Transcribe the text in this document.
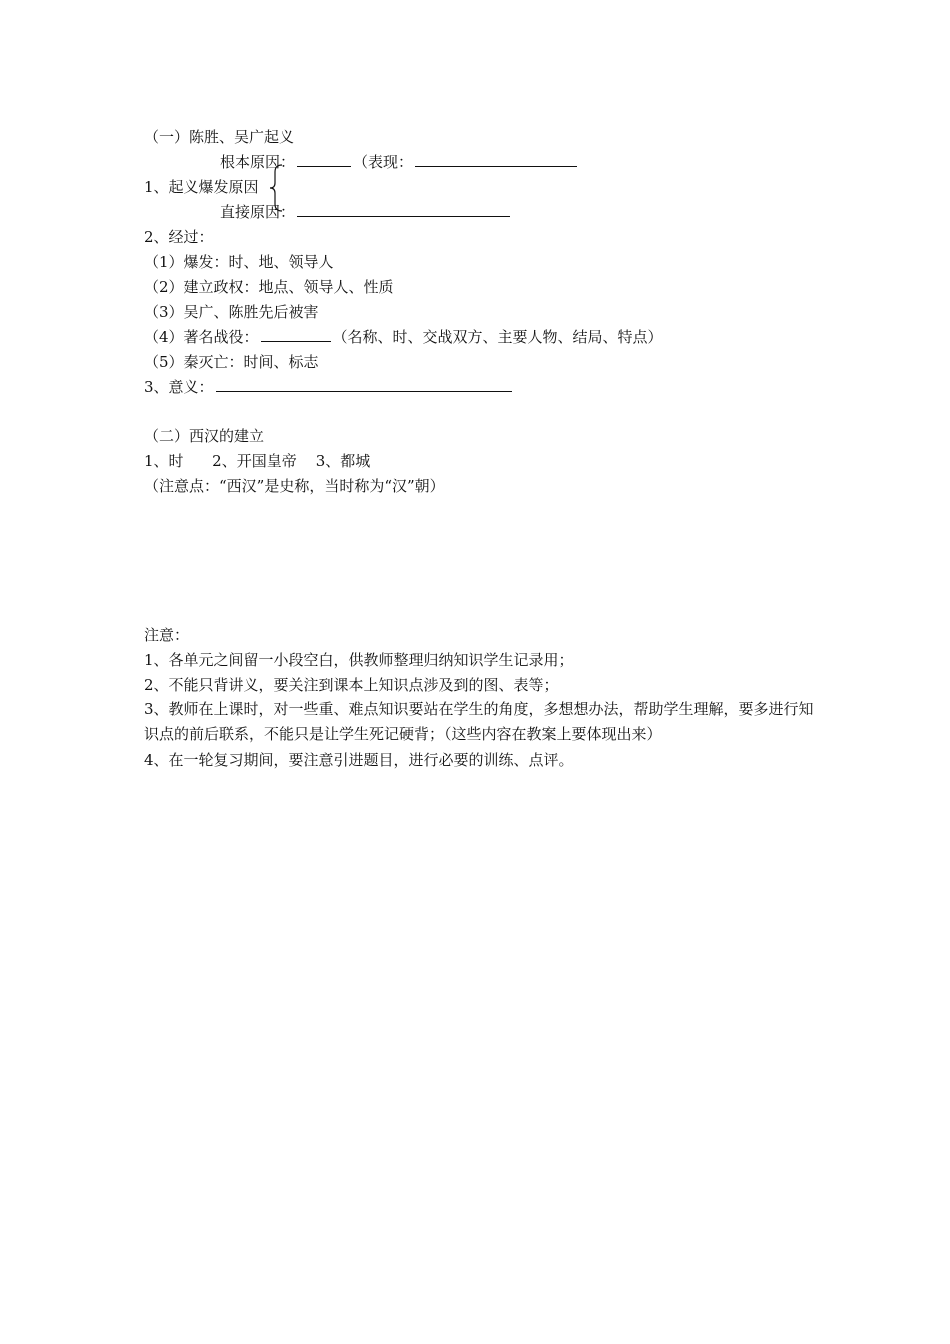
（一）陈胜、吴广起义
根本原因：	（表现：
1、起义爆发原因
直接原因：
2、经过：
（1）爆发：时、地、领导人
（2）建立政权：地点、领导人、性质
（3）吴广、陈胜先后被害
（4）著名战役：	（名称、时、交战双方、主要人物、结局、特点）
（5）秦灭亡：时间、标志
3、意义：
（二）西汉的建立
1、时      2、开国皇帝    3、都城
（注意点：“西汉”是史称，当时称为“汉”朝）
注意：
1、各单元之间留一小段空白，供教师整理归纳知识学生记录用；
2、不能只背讲义，要关注到课本上知识点涉及到的图、表等；
3、教师在上课时，对一些重、难点知识要站在学生的角度，多想想办法，帮助学生理解，要多进行知识点的前后联系，不能只是让学生死记硬背；（这些内容在教案上要体现出来）
4、在一轮复习期间，要注意引进题目，进行必要的训练、点评。
